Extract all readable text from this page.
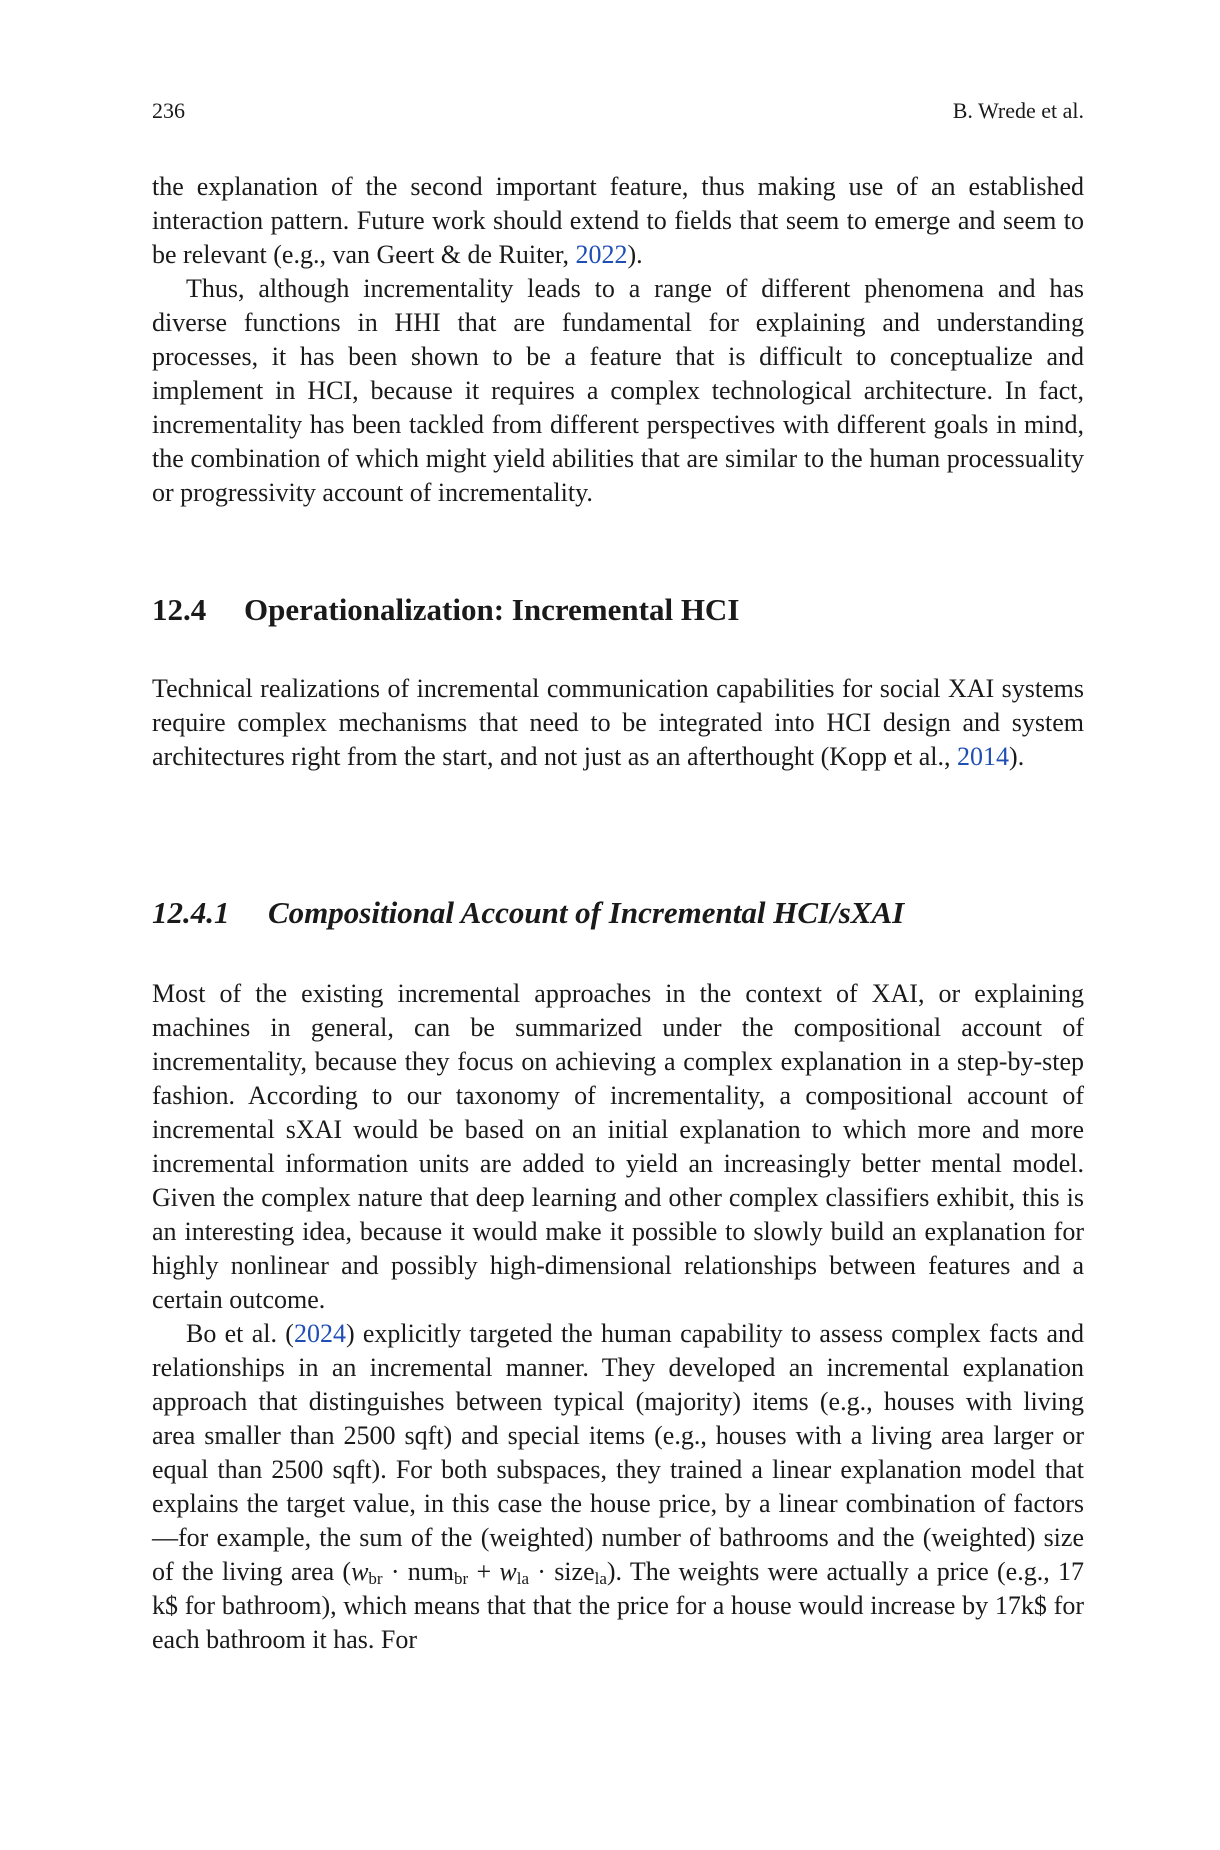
236	B. Wrede et al.

the explanation of the second important feature, thus making use of an established interaction pattern. Future work should extend to fields that seem to emerge and seem to be relevant (e.g., van Geert & de Ruiter, 2022).

Thus, although incrementality leads to a range of different phenomena and has diverse functions in HHI that are fundamental for explaining and understanding processes, it has been shown to be a feature that is difficult to conceptualize and implement in HCI, because it requires a complex technological architecture. In fact, incrementality has been tackled from different perspectives with different goals in mind, the combination of which might yield abilities that are similar to the human processuality or progressivity account of incrementality.

12.4 Operationalization: Incremental HCI

Technical realizations of incremental communication capabilities for social XAI systems require complex mechanisms that need to be integrated into HCI design and system architectures right from the start, and not just as an afterthought (Kopp et al., 2014).

12.4.1 Compositional Account of Incremental HCI/sXAI

Most of the existing incremental approaches in the context of XAI, or explaining machines in general, can be summarized under the compositional account of incrementality, because they focus on achieving a complex explanation in a step-by-step fashion. According to our taxonomy of incrementality, a compositional account of incremental sXAI would be based on an initial explanation to which more and more incremental information units are added to yield an increasingly better mental model. Given the complex nature that deep learning and other complex classifiers exhibit, this is an interesting idea, because it would make it possible to slowly build an explanation for highly nonlinear and possibly high-dimensional relationships between features and a certain outcome.

Bo et al. (2024) explicitly targeted the human capability to assess complex facts and relationships in an incremental manner. They developed an incremental explanation approach that distinguishes between typical (majority) items (e.g., houses with living area smaller than 2500 sqft) and special items (e.g., houses with a living area larger or equal than 2500 sqft). For both subspaces, they trained a linear explanation model that explains the target value, in this case the house price, by a linear combination of factors—for example, the sum of the (weighted) number of bathrooms and the (weighted) size of the living area ($w_{br} \cdot num_{br} + w_{la}$ · size$_{la}$). The weights were actually a price (e.g., 17 k$ for bathroom), which means that that the price for a house would increase by 17k$ for each bathroom it has. For
